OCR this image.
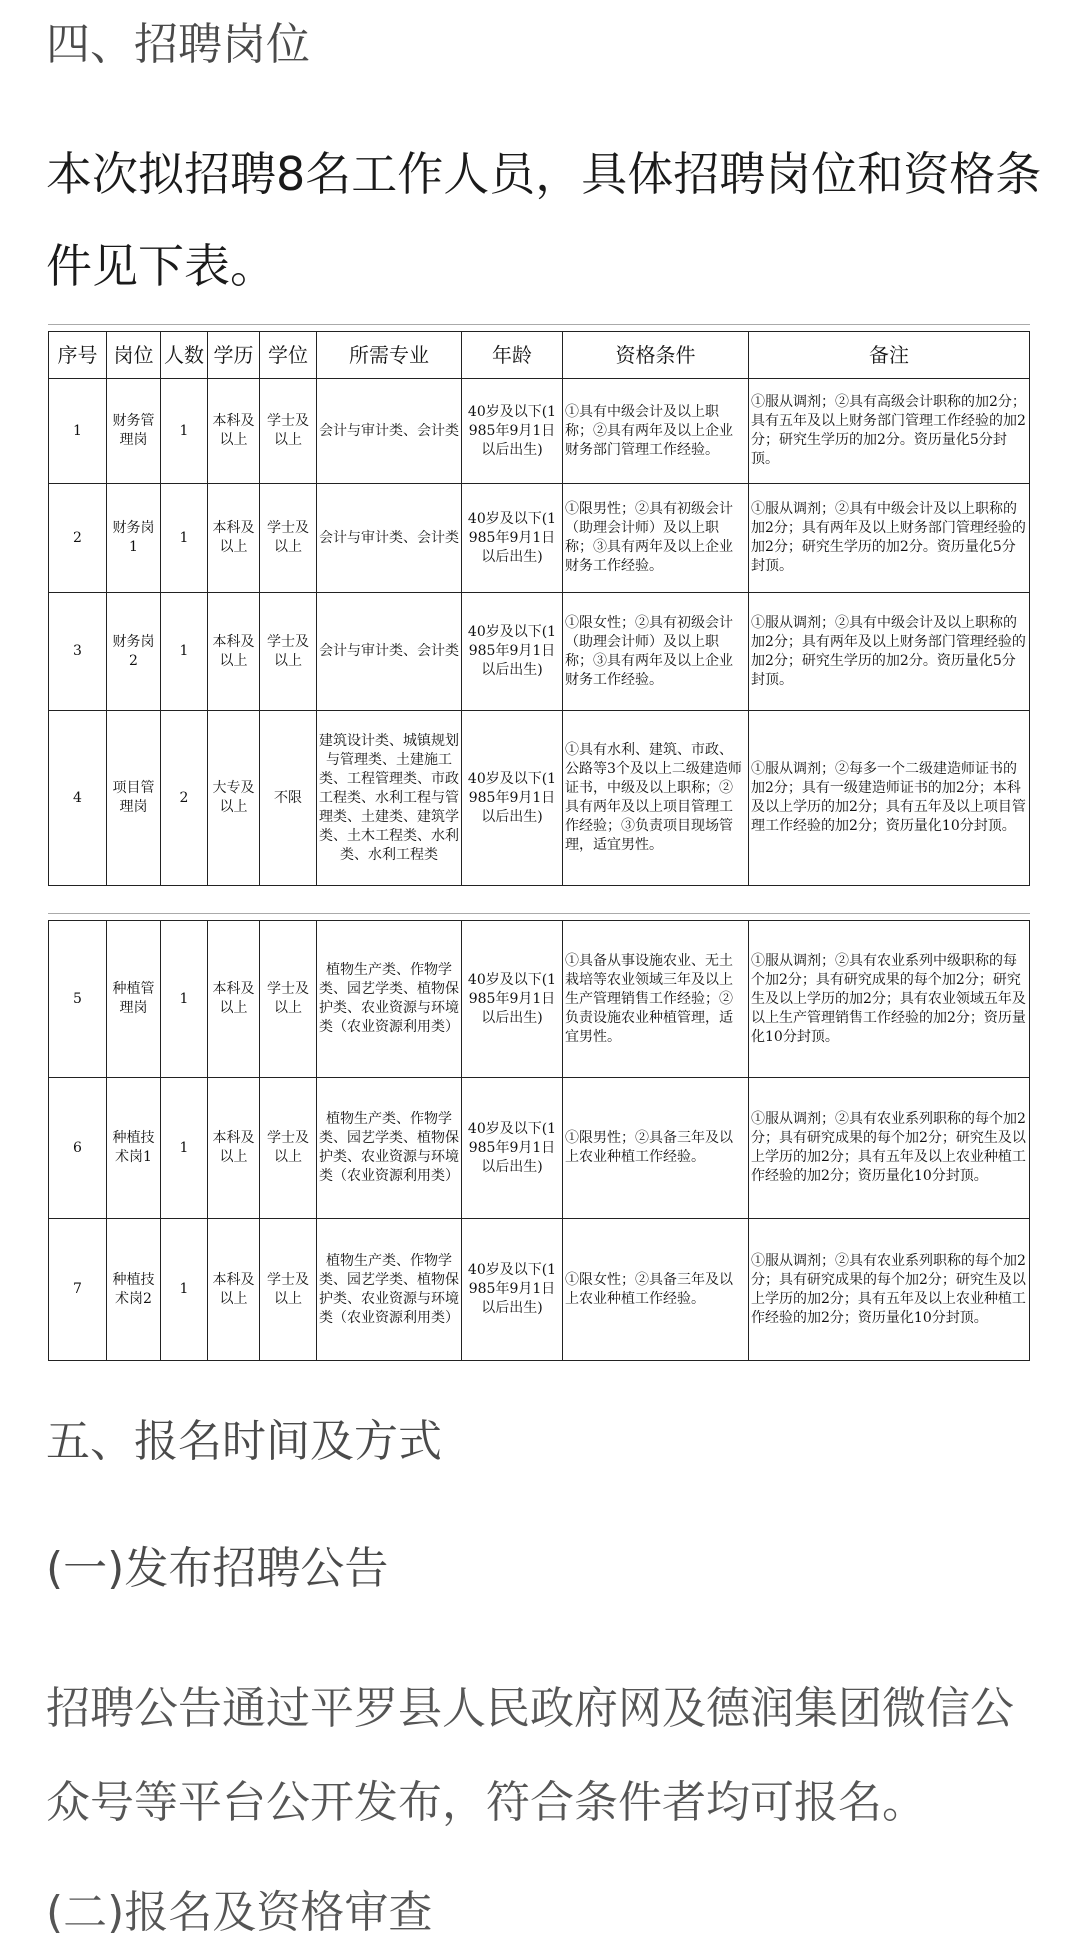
四、招聘岗位

本次拟招聘8名工作人员，具体招聘岗位和资格条件见下表。

序号	岗位	人数	学历	学位	所需专业	年龄	资格条件	备注
1	财务管理岗	1	本科及以上	学士及以上	会计与审计类、会计类	40岁及以下(1985年9月1日以后出生)	①具有中级会计及以上职称；②具有两年及以上企业财务部门管理工作经验。	①服从调剂；②具有高级会计职称的加2分；具有五年及以上财务部门管理工作经验的加2分；研究生学历的加2分。资历量化5分封顶。
2	财务岗1	1	本科及以上	学士及以上	会计与审计类、会计类	40岁及以下(1985年9月1日以后出生)	①限男性；②具有初级会计（助理会计师）及以上职称；③具有两年及以上企业财务工作经验。	①服从调剂；②具有中级会计及以上职称的加2分；具有两年及以上财务部门管理经验的加2分；研究生学历的加2分。资历量化5分封顶。
3	财务岗2	1	本科及以上	学士及以上	会计与审计类、会计类	40岁及以下(1985年9月1日以后出生)	①限女性；②具有初级会计（助理会计师）及以上职称；③具有两年及以上企业财务工作经验。	①服从调剂；②具有中级会计及以上职称的加2分；具有两年及以上财务部门管理经验的加2分；研究生学历的加2分。资历量化5分封顶。
4	项目管理岗	2	大专及以上	不限	建筑设计类、城镇规划与管理类、土建施工类、工程管理类、市政工程类、水利工程与管理类、土建类、建筑学类、土木工程类、水利类、水利工程类	40岁及以下(1985年9月1日以后出生)	①具有水利、建筑、市政、公路等3个及以上二级建造师证书，中级及以上职称；②具有两年及以上项目管理工作经验；③负责项目现场管理，适宜男性。	①服从调剂；②每多一个二级建造师证书的加2分；具有一级建造师证书的加2分；本科及以上学历的加2分；具有五年及以上项目管理工作经验的加2分；资历量化10分封顶。
5	种植管理岗	1	本科及以上	学士及以上	植物生产类、作物学类、园艺学类、植物保护类、农业资源与环境类（农业资源利用类）	40岁及以下(1985年9月1日以后出生)	①具备从事设施农业、无土栽培等农业领域三年及以上生产管理销售工作经验；②负责设施农业种植管理，适宜男性。	①服从调剂；②具有农业系列中级职称的每个加2分；具有研究成果的每个加2分；研究生及以上学历的加2分；具有农业领域五年及以上生产管理销售工作经验的加2分；资历量化10分封顶。
6	种植技术岗1	1	本科及以上	学士及以上	植物生产类、作物学类、园艺学类、植物保护类、农业资源与环境类（农业资源利用类）	40岁及以下(1985年9月1日以后出生)	①限男性；②具备三年及以上农业种植工作经验。	①服从调剂；②具有农业系列职称的每个加2分；具有研究成果的每个加2分；研究生及以上学历的加2分；具有五年及以上农业种植工作经验的加2分；资历量化10分封顶。
7	种植技术岗2	1	本科及以上	学士及以上	植物生产类、作物学类、园艺学类、植物保护类、农业资源与环境类（农业资源利用类）	40岁及以下(1985年9月1日以后出生)	①限女性；②具备三年及以上农业种植工作经验。	①服从调剂；②具有农业系列职称的每个加2分；具有研究成果的每个加2分；研究生及以上学历的加2分；具有五年及以上农业种植工作经验的加2分；资历量化10分封顶。
五、报名时间及方式
(一)发布招聘公告

招聘公告通过平罗县人民政府网及德润集团微信公众号等平台公开发布，符合条件者均可报名。

(二)报名及资格审查
